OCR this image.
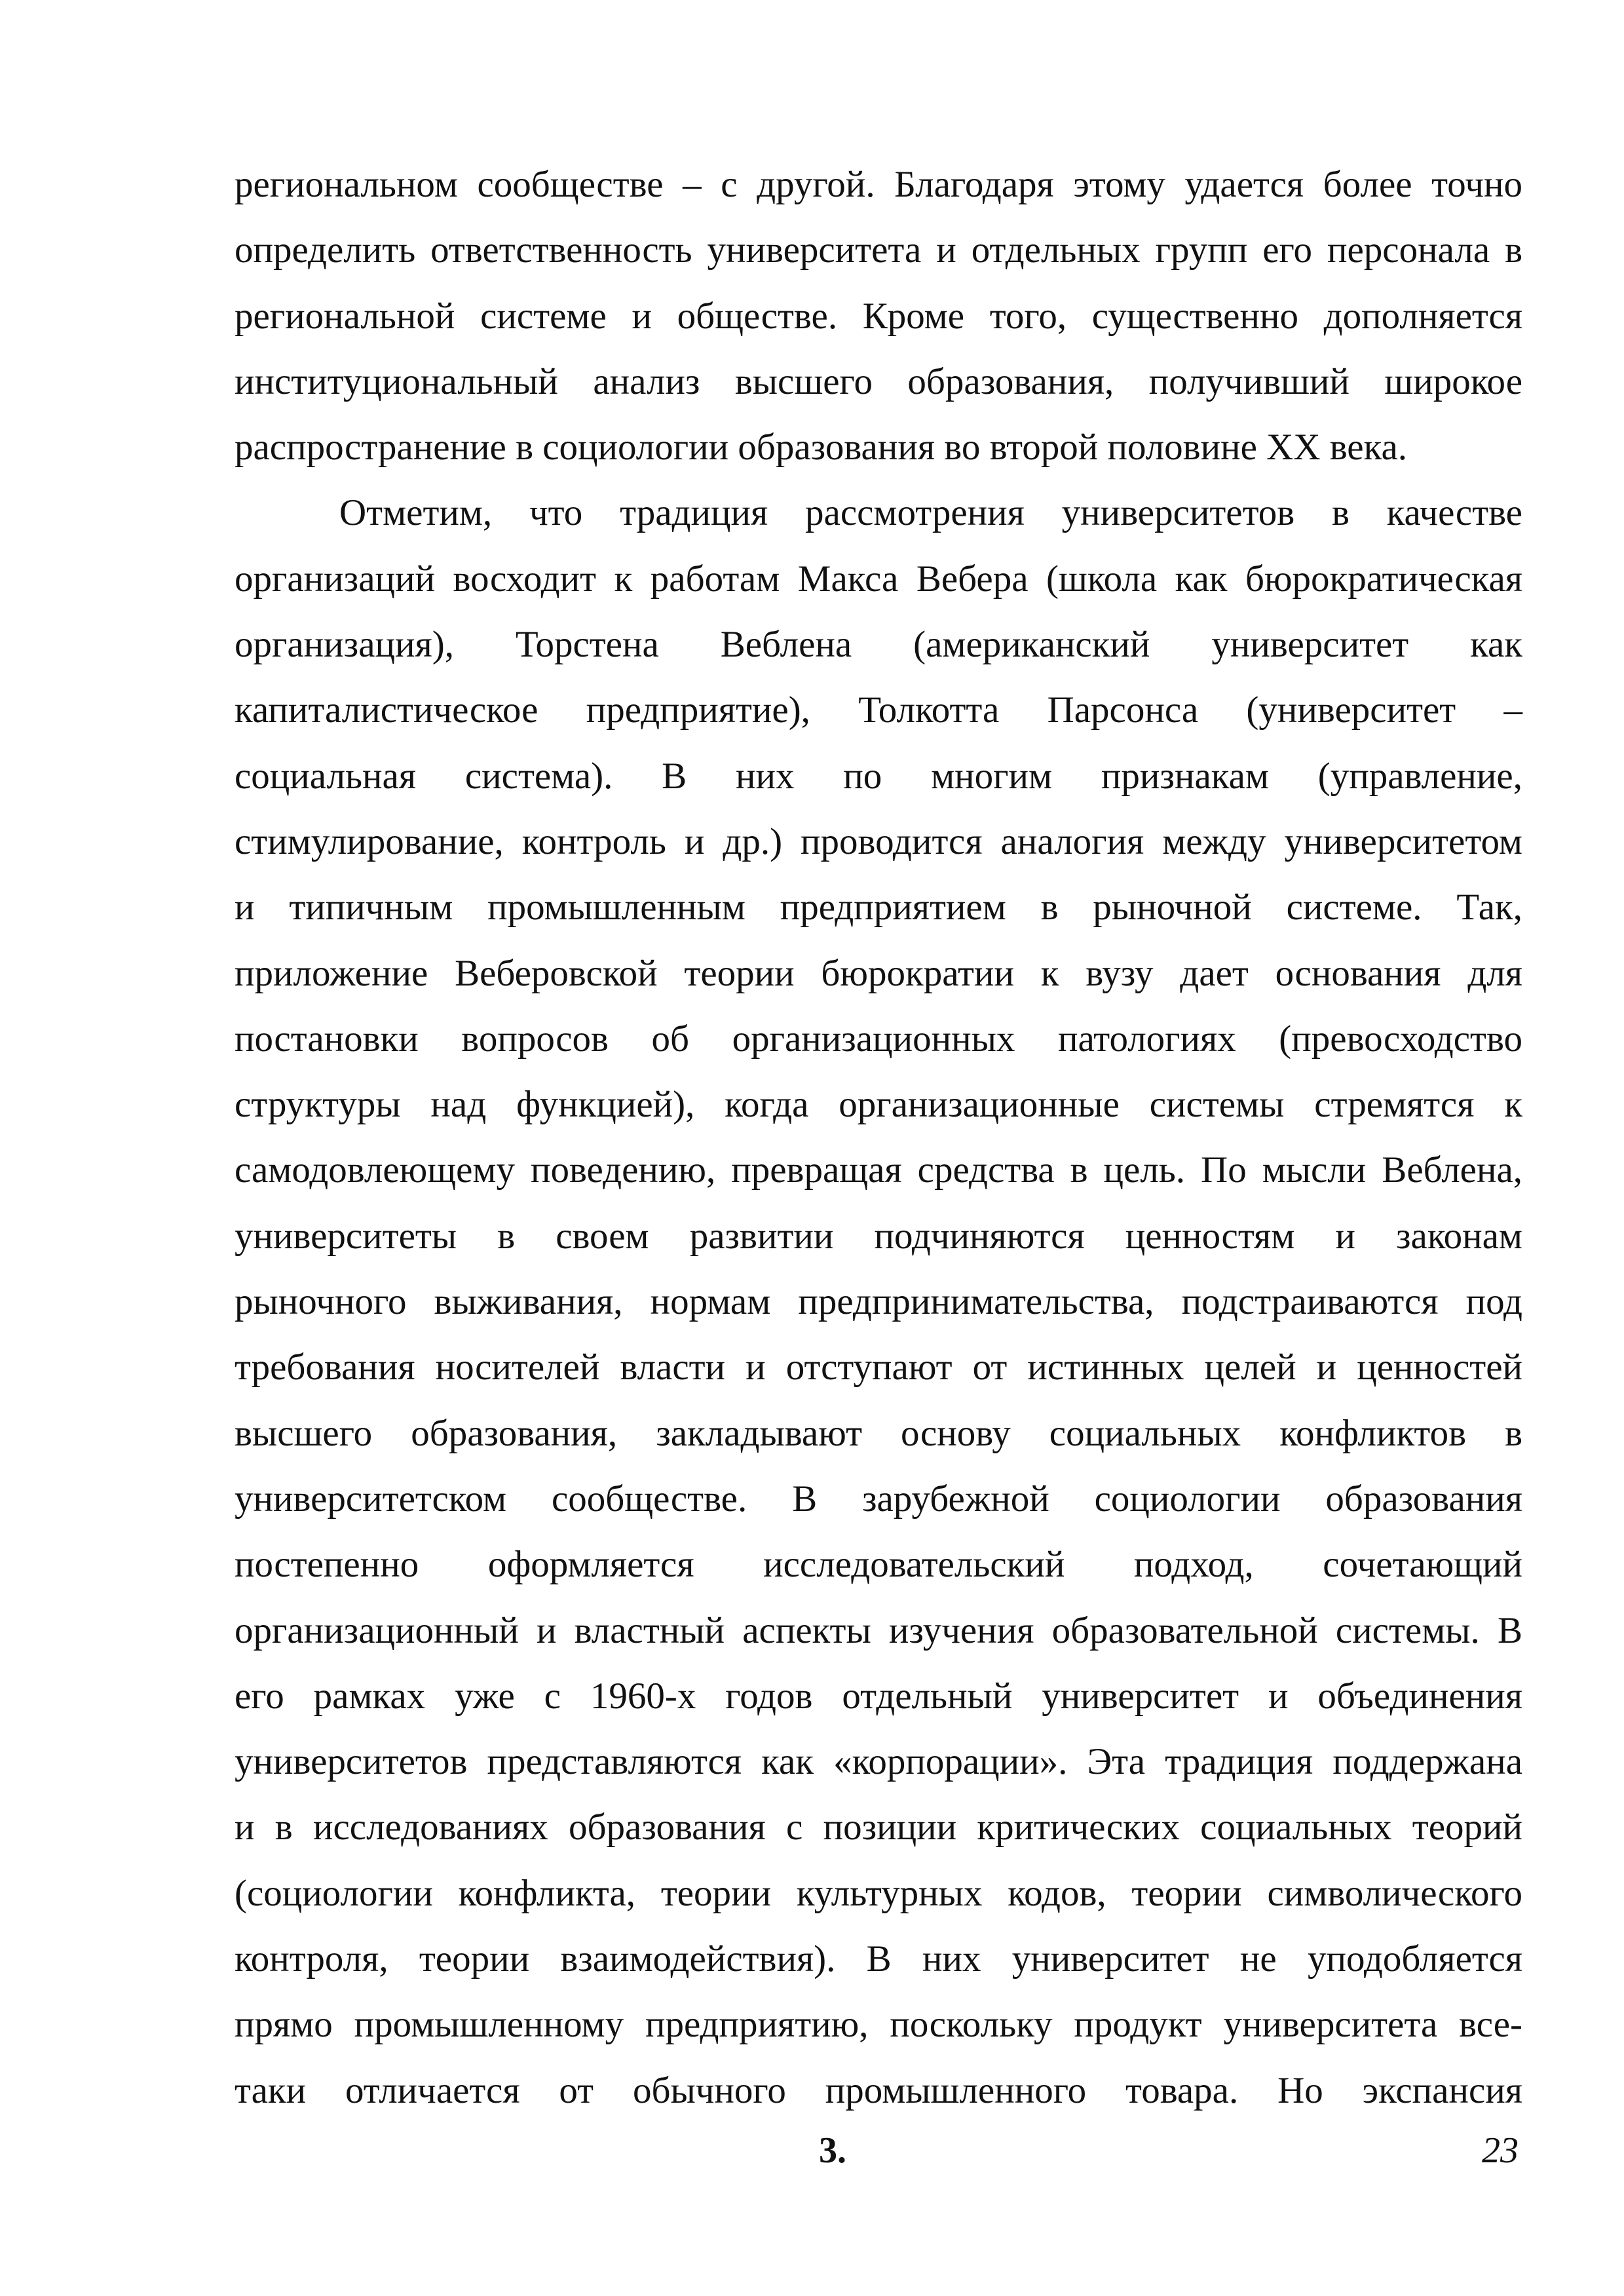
региональном сообществе – с другой. Благодаря этому удается более точно
определить ответственность университета и отдельных групп его персонала в
региональной системе и обществе. Кроме того, существенно дополняется
институциональный анализ высшего образования, получивший широкое
распространение в социологии образования во второй половине XX века.
Отметим, что традиция рассмотрения университетов в качестве
организаций восходит к работам Макса Вебера (школа как бюрократическая
организация), Торстена Веблена (американский университет как
капиталистическое предприятие), Толкотта Парсонса (университет –
социальная система). В них по многим признакам (управление,
стимулирование, контроль и др.) проводится аналогия между университетом
и типичным промышленным предприятием в рыночной системе. Так,
приложение Веберовской теории бюрократии к вузу дает основания для
постановки вопросов об организационных патологиях (превосходство
структуры над функцией), когда организационные системы стремятся к
самодовлеющему поведению, превращая средства в цель. По мысли Веблена,
университеты в своем развитии подчиняются ценностям и законам
рыночного выживания, нормам предпринимательства, подстраиваются под
требования носителей власти и отступают от истинных целей и ценностей
высшего образования, закладывают основу социальных конфликтов в
университетском сообществе. В зарубежной социологии образования
постепенно оформляется исследовательский подход, сочетающий
организационный и властный аспекты изучения образовательной системы. В
его рамках уже с 1960-х годов отдельный университет и объединения
университетов представляются как «корпорации». Эта традиция поддержана
и в исследованиях образования с позиции критических социальных теорий
(социологии конфликта, теории культурных кодов, теории символического
контроля, теории взаимодействия). В них университет не уподобляется
прямо промышленному предприятию, поскольку продукт университета все-
таки отличается от обычного промышленного товара. Но экспансия
3.	23
